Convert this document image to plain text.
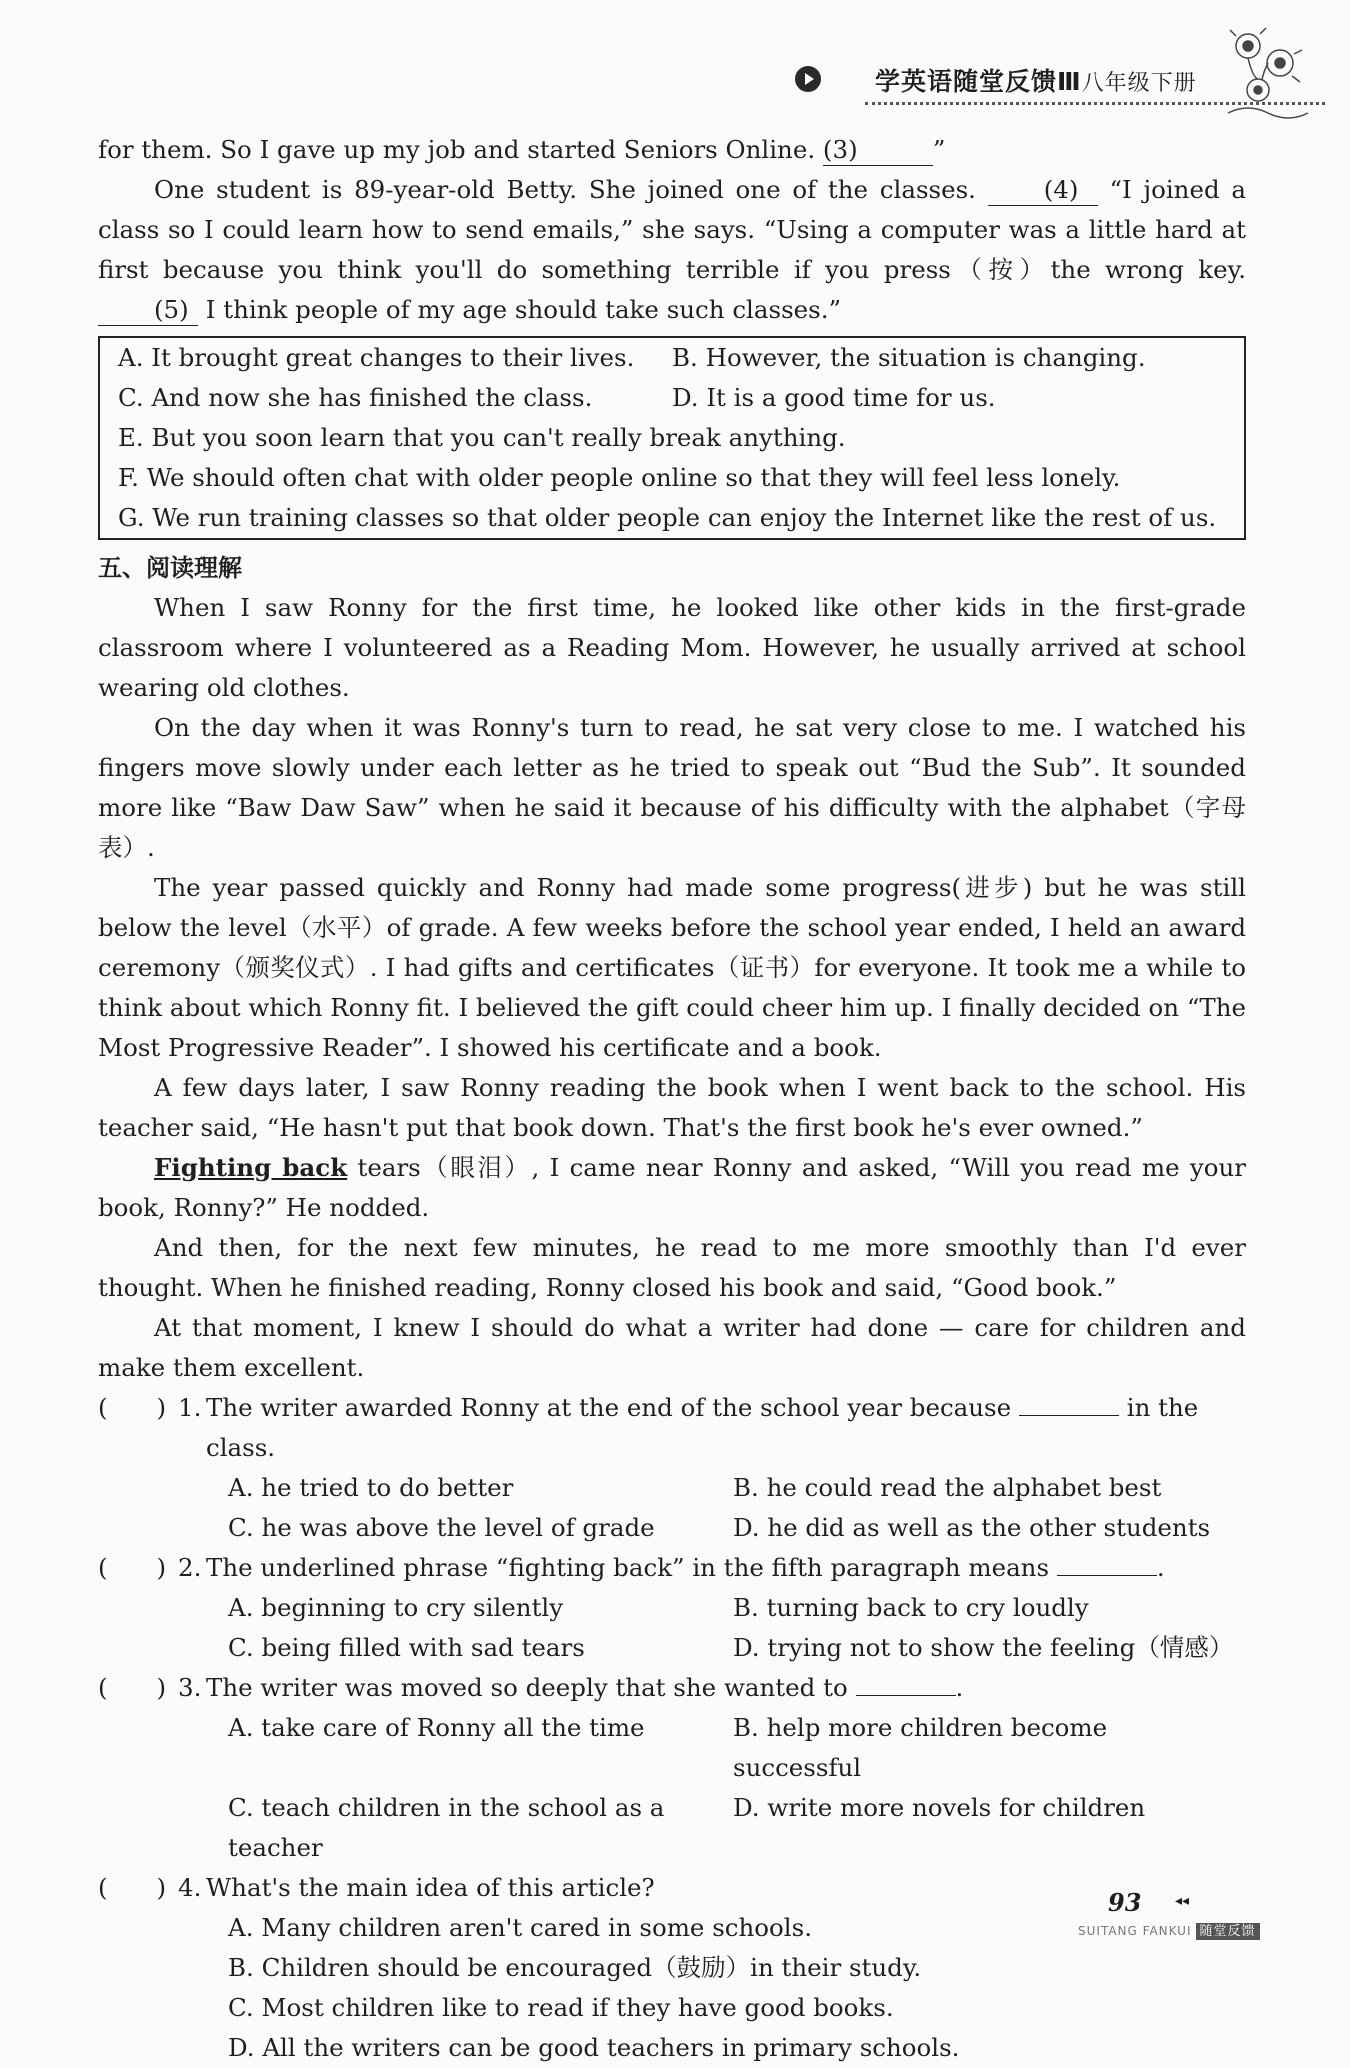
学英语随堂反馈Ⅲ八年级下册

for them. So I gave up my job and started Seniors Online. (3)	”

One student is 89-year-old Betty. She joined one of the classes.	(4) “I joined a class so I could learn how to send emails,” she says. “Using a computer was a little hard at first because you think you'll do something terrible if you press（按）the wrong key. (5) I think people of my age should take such classes.”

A. It brought great changes to their lives.	B. However, the situation is changing.
C. And now she has finished the class.	D. It is a good time for us.
E. But you soon learn that you can't really break anything.
F. We should often chat with older people online so that they will feel less lonely.
G. We run training classes so that older people can enjoy the Internet like the rest of us.

五、阅读理解

When I saw Ronny for the first time, he looked like other kids in the first-grade classroom where I volunteered as a Reading Mom. However, he usually arrived at school wearing old clothes.

On the day when it was Ronny's turn to read, he sat very close to me. I watched his fingers move slowly under each letter as he tried to speak out “Bud the Sub”. It sounded more like “Baw Daw Saw” when he said it because of his difficulty with the alphabet（字母表）.

The year passed quickly and Ronny had made some progress(进步) but he was still below the level（水平）of grade. A few weeks before the school year ended, I held an award ceremony（颁奖仪式）. I had gifts and certificates（证书）for everyone. It took me a while to think about which Ronny fit. I believed the gift could cheer him up. I finally decided on “The Most Progressive Reader”. I showed his certificate and a book.

A few days later, I saw Ronny reading the book when I went back to the school. His teacher said, “He hasn't put that book down. That's the first book he's ever owned.”

Fighting back tears（眼泪）, I came near Ronny and asked, “Will you read me your book, Ronny?” He nodded.

And then, for the next few minutes, he read to me more smoothly than I'd ever thought. When he finished reading, Ronny closed his book and said, “Good book.”

At that moment, I knew I should do what a writer had done — care for children and make them excellent.

(　　) 1. The writer awarded Ronny at the end of the school year because	in the class.

A. he tried to do better	B. he could read the alphabet best
C. he was above the level of grade	D. he did as well as the other students

(　　) 2. The underlined phrase “fighting back” in the fifth paragraph means	.

A. beginning to cry silently	B. turning back to cry loudly
C. being filled with sad tears	D. trying not to show the feeling（情感）

(　　) 3. The writer was moved so deeply that she wanted to	.

A. take care of Ronny all the time	B. help more children become successful
C. teach children in the school as a teacher
D. write more novels for children

(　　) 4. What's the main idea of this article?

A. Many children aren't cared in some schools.
B. Children should be encouraged（鼓励）in their study.
C. Most children like to read if they have good books.
D. All the writers can be good teachers in primary schools.
93 ◂◂
SUITANG FANKUI 随堂反馈
